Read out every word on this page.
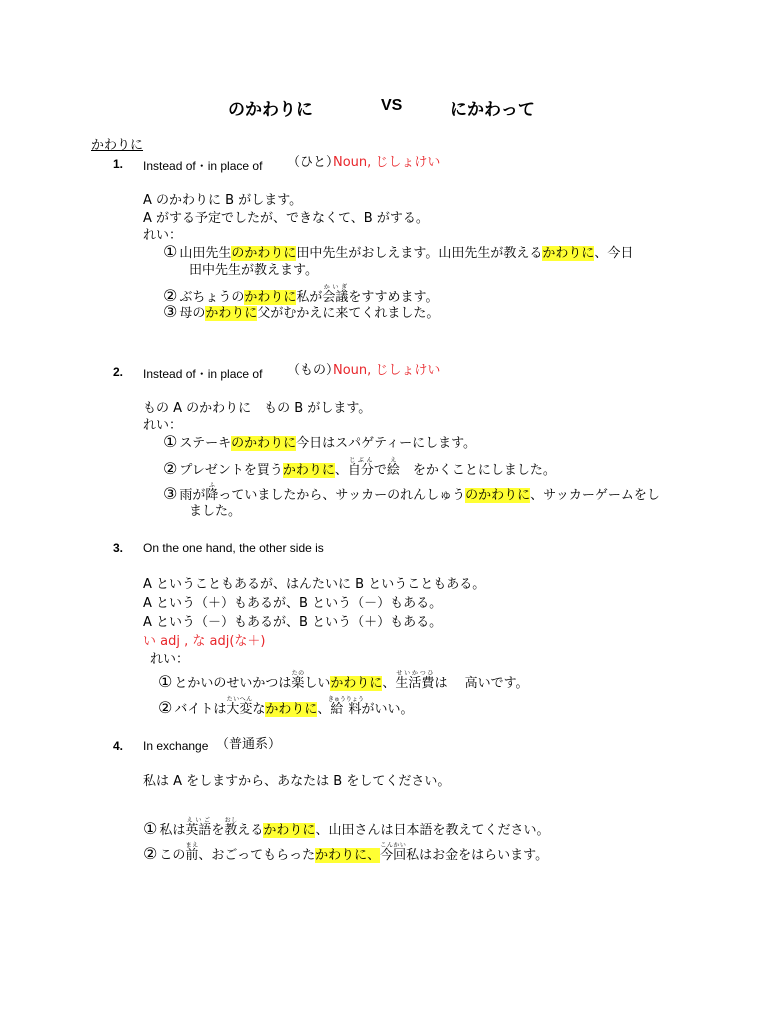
のかわりに	VS	にかわって
かわりに
1. Instead of・in place of （ひと）
Noun, じしょけい
A のかわりに B がします。
A がする予定でしたが、できなくて、B がする。
れい：
① 山田先生のかわりに田中先生がおしえます。山田先生が教えるかわりに、今日
田中先生が教えます。
② ぶちょうのかわりに私が会議かいぎをすすめます。
③ 母のかわりに父がむかえに来てくれました。
2. Instead of・in place of （もの）
Noun, じしょけい
もの A のかわりに　もの B がします。
れい：
① ステーキのかわりに今日はスパゲティーにします。
② プレゼントを買うかわりに、自分じぶんで絵え　をかくことにしました。
③ 雨が降ふっていましたから、サッカーのれんしゅうのかわりに、サッカーゲームをし
ました。
3. On the one hand, the other side is
A ということもあるが、はんたいに B ということもある。
A という（＋）もあるが、B という（－）もある。
A という（－）もあるが、B という（＋）もある。
い adj , な adj(な＋)
れい：
① とかいのせいかつは楽たのしいかわりに、生活費せいかつひは　 高いです。
② バイトは大変たいへんなかわりに、給料きゅうりょうがいい。
4. In exchange （普通系）
私は A をしますから、あなたは B をしてください。
① 私は英語えいごを教おしえるかわりに、山田さんは日本語を教えてください。
② この前まえ、おごってもらったかわりに、今回こんかい私はお金をはらいます。
